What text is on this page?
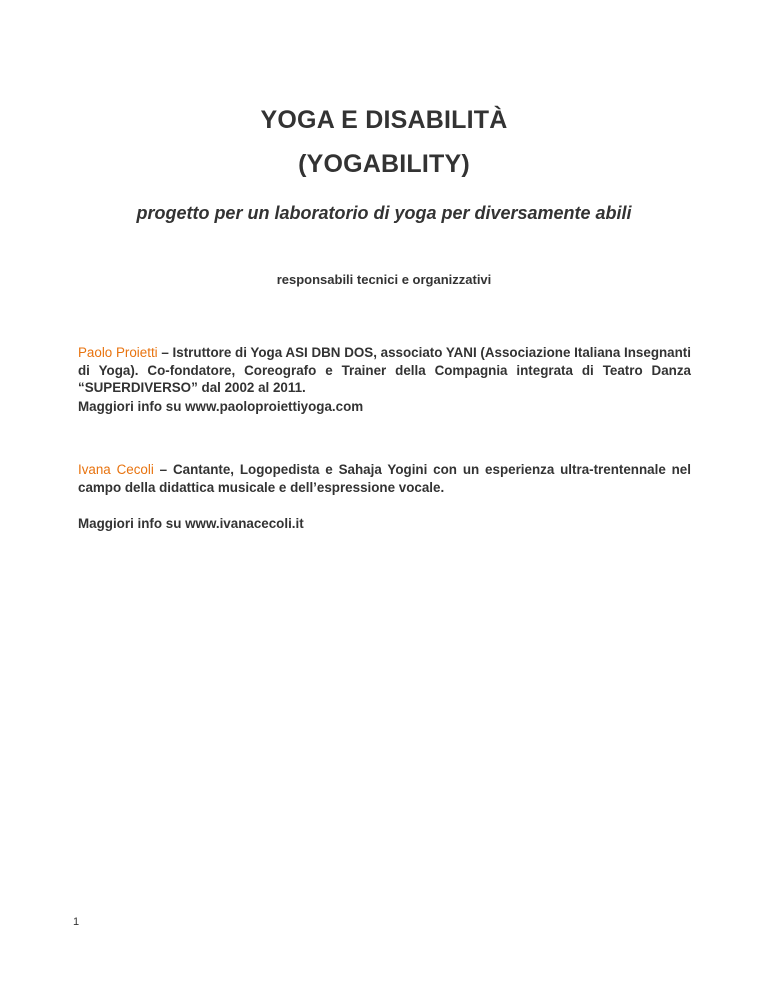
YOGA E DISABILITÀ
(YOGABILITY)
progetto per un laboratorio di yoga per diversamente abili
responsabili tecnici e organizzativi
Paolo Proietti – Istruttore di Yoga ASI DBN DOS, associato YANI (Associazione Italiana Insegnanti di Yoga). Co-fondatore, Coreografo e Trainer della Compagnia integrata di Teatro Danza “SUPERDIVERSO” dal 2002 al 2011.
Maggiori info su www.paoloproiettiyoga.com
Ivana Cecoli – Cantante, Logopedista e Sahaja Yogini con un esperienza ultra-trentennale nel campo della didattica musicale e dell’espressione vocale.
Maggiori info su www.ivanacecoli.it
1
